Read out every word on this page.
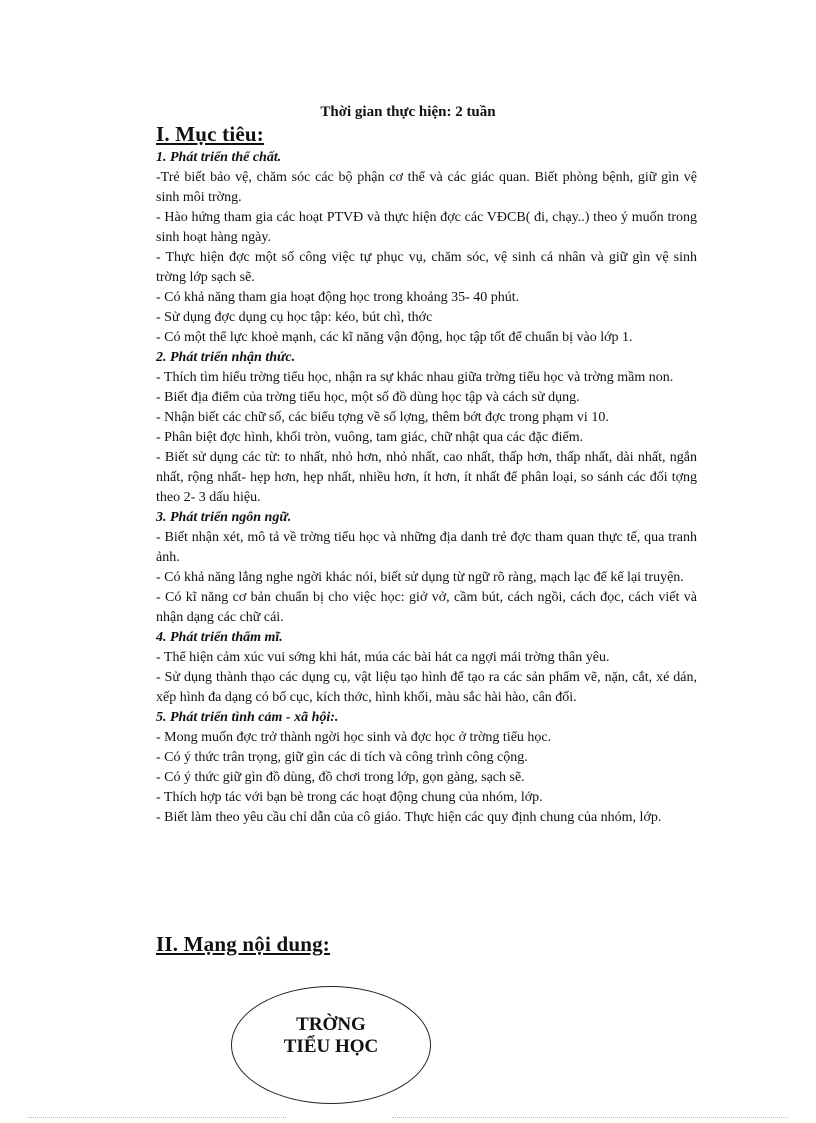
Thời gian thực hiện: 2 tuần
I. Mục tiêu:
1. Phát triển thể chất.

-Trẻ biết bảo vệ, chăm sóc các bộ phận cơ thể và các giác quan. Biết phòng bệnh, giữ gìn vệ sinh môi trờng.

- Hào hứng tham gia các hoạt PTVĐ và thực hiện đợc các VĐCB( đi, chạy..) theo ý muốn trong sinh hoạt hàng ngày.

- Thực hiện đợc một số công việc tự phục vụ, chăm sóc, vệ sinh cá nhân và giữ gìn vệ sinh trờng lớp sạch sẽ.

- Có khả năng tham gia hoạt động học trong khoảng 35- 40 phút.

- Sử dụng đợc dụng cụ học tập: kéo, bút chì, thớc

- Có một thể lực khoẻ mạnh, các kĩ năng vận động, học tập tốt để chuẩn bị vào lớp 1.

2. Phát triển nhận thức.

- Thích tìm hiểu trờng tiểu học, nhận ra sự khác nhau giữa trờng tiểu học và trờng mầm non.

- Biết địa điểm của trờng tiểu học, một số đồ dùng học tập và cách sử dụng.

- Nhận biết các chữ số, các biểu tợng về số lợng, thêm bớt đợc trong phạm vi 10.

- Phân biệt đợc hình, khối tròn, vuông, tam giác, chữ nhật qua các đặc điểm.

- Biết sử dụng các từ: to nhất, nhỏ hơn, nhỏ nhất, cao nhất, thấp hơn, thấp nhất, dài nhất, ngắn nhất, rộng nhất- hẹp hơn, hẹp nhất, nhiều hơn, ít hơn, ít nhất để phân loại, so sánh các đối tợng theo 2- 3 dấu hiệu.

3. Phát triển ngôn ngữ.

- Biết nhận xét, mô tả về trờng tiểu học và những địa danh trẻ đợc tham quan thực tế, qua tranh ảnh.

- Có khả năng lắng nghe ngời khác nói, biết sử dụng từ ngữ rõ ràng, mạch lạc để kể lại truyện.

- Có kĩ năng cơ bản chuẩn bị cho việc học: giở vở, cầm bút, cách ngồi, cách đọc, cách viết và nhận dạng các chữ cái.

4. Phát triển thẩm mĩ.

- Thể hiện cảm xúc vui sớng khi hát, múa các bài hát ca ngợi mái trờng thân yêu.

- Sử dụng thành thạo các dụng cụ, vật liệu tạo hình để tạo ra các sản phẩm vẽ, nặn, cắt, xé dán, xếp hình đa dạng có bố cục, kích thớc, hình khối, màu sắc hài hào, cân đối.

5. Phát triển tình cảm - xã hội:.

- Mong muốn đợc trở thành ngời học sinh và đợc học ở trờng tiểu học.

- Có ý thức trân trọng, giữ gìn các di tích và công trình công cộng.

- Có ý thức giữ gìn đồ dùng, đồ chơi trong lớp, gọn gàng, sạch sẽ.

- Thích hợp tác với bạn bè trong các hoạt động chung của nhóm, lớp.

- Biết làm theo yêu cầu chỉ dẫn của cô giáo. Thực hiện các quy định chung của nhóm, lớp.

II. Mạng nội dung:
TRỜNG
TIỂU HỌC
